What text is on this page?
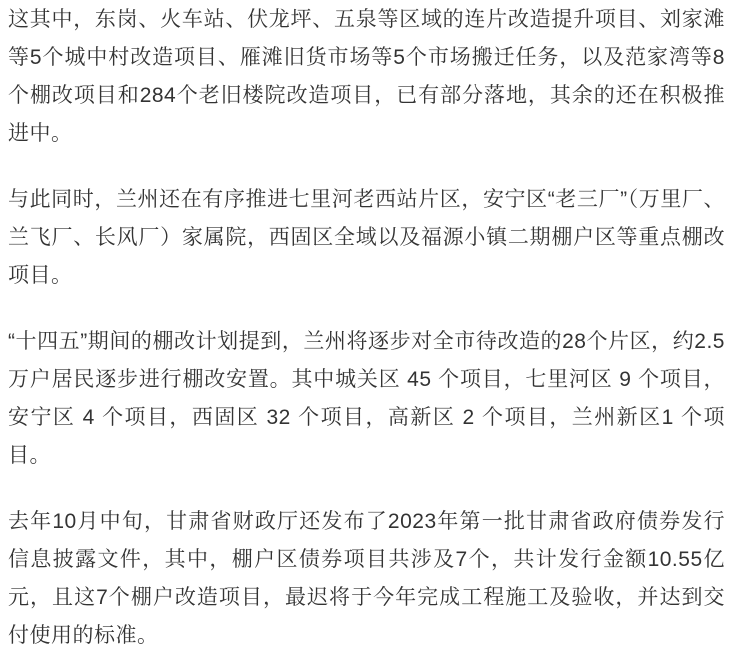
这其中，东岗、火车站、伏龙坪、五泉等区域的连片改造提升项目、刘家滩等5个城中村改造项目、雁滩旧货市场等5个市场搬迁任务，以及范家湾等8个棚改项目和284个老旧楼院改造项目，已有部分落地，其余的还在积极推进中。

与此同时，兰州还在有序推进七里河老西站片区，安宁区“老三厂”（万里厂、兰飞厂、长风厂）家属院，西固区全域以及福源小镇二期棚户区等重点棚改项目。

“十四五”期间的棚改计划提到，兰州将逐步对全市待改造的28个片区，约2.5万户居民逐步进行棚改安置。其中城关区 45 个项目，七里河区 9 个项目，安宁区 4 个项目，西固区 32 个项目，高新区 2 个项目，兰州新区1 个项目。

去年10月中旬，甘肃省财政厅还发布了2023年第一批甘肃省政府债券发行信息披露文件，其中，棚户区债券项目共涉及7个，共计发行金额10.55亿元，且这7个棚户改造项目，最迟将于今年完成工程施工及验收，并达到交付使用的标准。
